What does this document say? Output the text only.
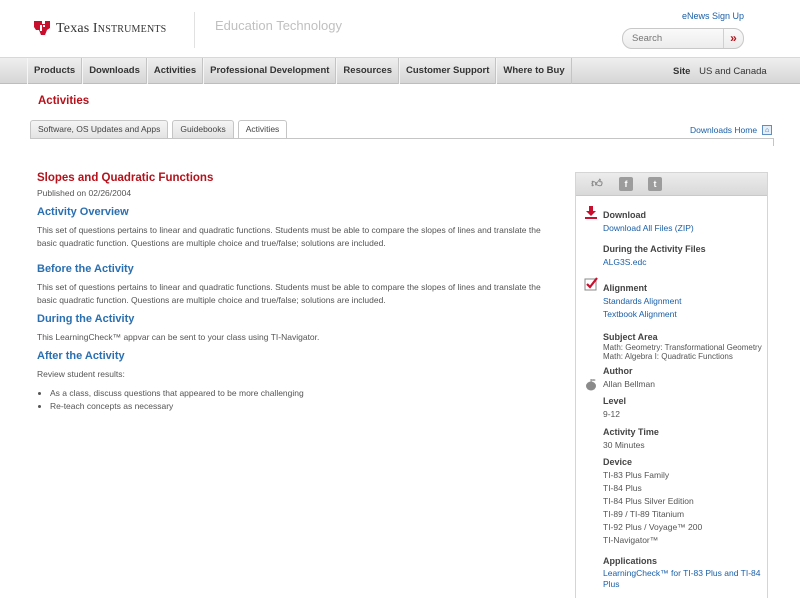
Texas Instruments	Education Technology
eNews Sign Up
Search
»
Products	Downloads	Activities	Professional Development	Resources	Customer Support	Where to Buy	Site US and Canada
Activities
Software, OS Updates and Apps	Guidebooks	Activities	Downloads Home	⌂
Slopes and Quadratic Functions
Published on 02/26/2004
Activity Overview
This set of questions pertains to linear and quadratic functions. Students must be able to compare the slopes of lines and translate the basic quadratic function. Questions are multiple choice and true/false; solutions are included.
Before the Activity
This set of questions pertains to linear and quadratic functions. Students must be able to compare the slopes of lines and translate the basic quadratic function. Questions are multiple choice and true/false; solutions are included.
During the Activity
This LearningCheck™ appvar can be sent to your class using TI-Navigator.
After the Activity
Review student results:
• As a class, discuss questions that appeared to be more challenging
• Re-teach concepts as necessary
👍︎	f	t
Download
Download All Files (ZIP)
During the Activity Files
ALG3S.edc
Alignment
Standards Alignment
Textbook Alignment
Subject Area
Math: Geometry: Transformational Geometry
Math: Algebra I: Quadratic Functions
Author
Allan Bellman
Level
9-12
Activity Time
30 Minutes
Device
TI-83 Plus Family
TI-84 Plus
TI-84 Plus Silver Edition
TI-89 / TI-89 Titanium
TI-92 Plus / Voyage™ 200
TI-Navigator™
Applications
LearningCheck™ for TI-83 Plus and TI-84
Plus
